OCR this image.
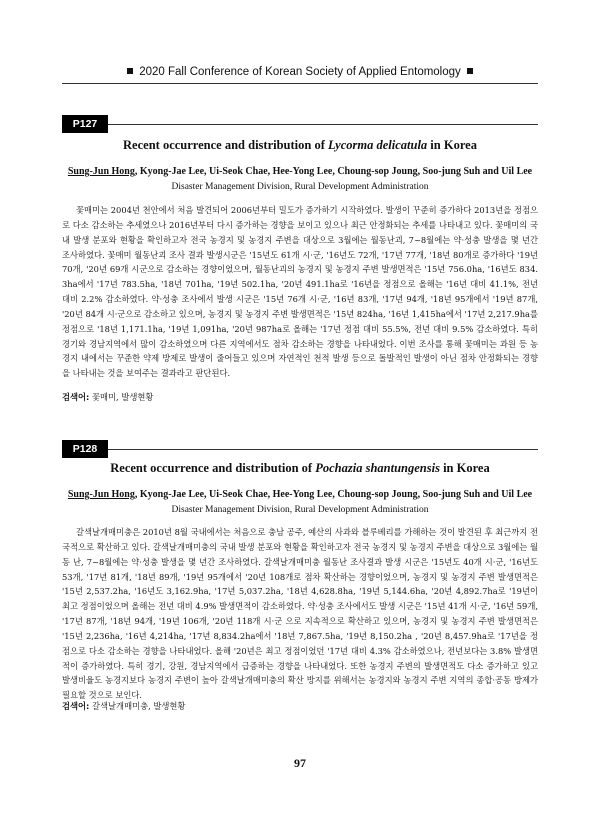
2020 Fall Conference of Korean Society of Applied Entomology
P127
Recent occurrence and distribution of Lycorma delicatula in Korea
Sung-Jun Hong, Kyong-Jae Lee, Ui-Seok Chae, Hee-Yong Lee, Choung-sop Joung, Soo-jung Suh and Uil Lee
Disaster Management Division, Rural Development Administration

꽃매미는 2004년 천안에서 처음 발견되어 2006년부터 밀도가 증가하기 시작하였다. 발생이 꾸준히 증가하다 2013년을 정점으로 다소 감소하는 추세였으나 2016년부터 다시 증가하는 경향을 보이고 있으나 최근 안정화되는 추세를 나타내고 있다. 꽃매미의 국내 발생 분포와 현황을 확인하고자 전국 농경지 및 농경지 주변을 대상으로 3월에는 월동난괴, 7~8월에는 약·성충 발생을 몇 년간 조사하였다. 꽃매미 월동난괴 조사 결과 발생시군은 '15년도 61개 시·군, '16년도 72개, '17년 77개, '18년 80개로 증가하다 '19년 70개, '20년 69개 시군으로 감소하는 경향이었으며, 월동난괴의 농경지 및 농경지 주변 발생면적은 '15년 756.0ha, '16년도 834.3ha에서 '17년 783.5ha, '18년 701ha, '19년 502.1ha, '20년 491.1ha로 '16년을 정점으로 올해는 '16년 대비 41.1%, 전년 대비 2.2% 감소하였다. 약·성충 조사에서 발생 시군은 '15년 76개 시·군, '16년 83개, '17년 94개, '18년 95개에서 '19년 87개, '20년 84개 시·군으로 감소하고 있으며, 농경지 및 농경지 주변 발생면적은 '15년 824ha, '16년 1,415ha에서 '17년 2,217.9ha를 정점으로 '18년 1,171.1ha, '19년 1,091ha, '20년 987ha로 올해는 '17년 정점 대비 55.5%, 전년 대비 9.5% 감소하였다. 특히 경기와 경남지역에서 많이 감소하였으며 다른 지역에서도 점차 감소하는 경향을 나타내었다. 이번 조사를 통해 꽃매미는 과원 등 농경지 내에서는 꾸준한 약제 방제로 발생이 줄어들고 있으며 자연적인 천적 발생 등으로 돌발적인 발생이 아닌 점차 안정화되는 경향을 나타내는 것을 보여주는 결과라고 판단된다.

검색어: 꽃매미, 발생현황
P128
Recent occurrence and distribution of Pochazia shantungensis in Korea
Sung-Jun Hong, Kyong-Jae Lee, Ui-Seok Chae, Hee-Yong Lee, Choung-sop Joung, Soo-jung Suh and Uil Lee
Disaster Management Division, Rural Development Administration

갈색날개매미충은 2010년 8월 국내에서는 처음으로 충남 공주, 예산의 사과와 블루베리를 가해하는 것이 발견된 후 최근까지 전국적으로 확산하고 있다. 갈색날개매미충의 국내 발생 분포와 현황을 확인하고자 전국 농경지 및 농경지 주변을 대상으로 3월에는 월동 난, 7~8월에는 약·성충 발생을 몇 년간 조사하였다. 갈색날개매미충 월동난 조사결과 발생 시군은 '15년도 40개 시·군, '16년도 53개, '17년 81개, '18년 89개, '19년 95개에서 '20년 108개로 점차 확산하는 경향이었으며, 농경지 및 농경지 주변 발생면적은 '15년 2,537.2ha, '16년도 3,162.9ha, '17년 5,037.2ha, '18년 4,628.8ha, '19년 5,144.6ha, '20년 4,892.7ha로 '19년이 최고 정점이었으며 올해는 전년 대비 4.9% 발생면적이 감소하였다. 약·성충 조사에서도 발생 시군은 '15년 41개 시·군, '16년 59개, '17년 87개, '18년 94개, '19년 106개, '20년 118개 시·군 으로 지속적으로 확산하고 있으며, 농경지 및 농경지 주변 발생면적은 '15년 2,236ha, '16년 4,214ha, '17년 8,834.2ha에서 '18년 7,867.5ha, '19년 8,150.2ha , '20년 8,457.9ha로 '17년을 정점으로 다소 감소하는 경향을 나타내었다. 올해 '20년은 최고 정점이었던 '17년 대비 4.3% 감소하였으나, 전년보다는 3.8% 발생면적이 증가하였다. 특히 경기, 강원, 경남지역에서 급증하는 경향을 나타내었다. 또한 농경지 주변의 발생면적도 다소 증가하고 있고 발생비율도 농경지보다 농경지 주변이 높아 갈색날개매미충의 확산 방지를 위해서는 농경지와 농경지 주변 지역의 종합·공동 방제가 필요할 것으로 보인다.

검색어: 갈색날개매미충, 발생현황
97
